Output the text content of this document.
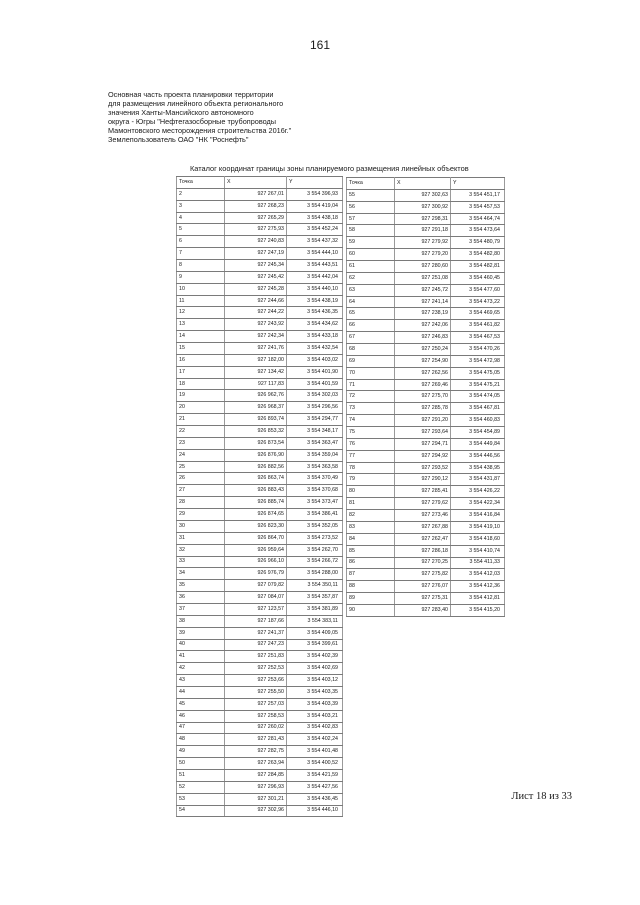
161
Основная часть проекта планировки территории
для размещения линейного объекта регионального
значения Ханты-Мансийского автономного
округа - Югры "Нефтегазосборные трубопроводы
Мамонтовского месторождения строительства 2016г."
Землепользователь ОАО "НК "Роснефть"
Каталог координат границы зоны планируемого размещения линейных объектов
Точка	X	Y
2	927 267,01	3 554 396,93
3	927 268,23	3 554 419,04
4	927 265,29	3 554 438,18
5	927 275,93	3 554 452,24
6	927 240,83	3 554 437,32
7	927 247,19	3 554 444,10
8	927 245,34	3 554 443,51
9	927 245,42	3 554 442,04
10	927 245,28	3 554 440,10
11	927 244,66	3 554 438,19
12	927 244,22	3 554 436,35
13	927 243,92	3 554 434,62
14	927 242,34	3 554 433,18
15	927 241,76	3 554 432,54
16	927 182,00	3 554 403,02
17	927 134,42	3 554 401,90
18	927 117,83	3 554 401,59
19	926 962,76	3 554 302,03
20	926 968,37	3 554 296,56
21	926 893,74	3 554 294,77
22	926 853,32	3 554 348,17
23	926 873,54	3 554 363,47
24	926 876,90	3 554 359,04
25	926 882,56	3 554 363,58
26	926 863,74	3 554 370,49
27	926 883,43	3 554 370,68
28	926 885,74	3 554 373,47
29	926 874,65	3 554 386,41
30	926 823,30	3 554 352,05
31	926 864,70	3 554 273,52
32	926 959,64	3 554 262,70
33	926 966,10	3 554 266,72
34	926 976,79	3 554 288,00
35	927 079,82	3 554 350,11
36	927 084,07	3 554 357,87
37	927 123,57	3 554 381,89
38	927 187,66	3 554 383,11
39	927 241,37	3 554 409,05
40	927 247,23	3 554 399,61
41	927 251,83	3 554 402,39
42	927 252,53	3 554 402,69
43	927 253,66	3 554 403,12
44	927 255,50	3 554 403,35
45	927 257,03	3 554 403,39
46	927 258,53	3 554 403,21
47	927 260,02	3 554 402,83
48	927 281,43	3 554 402,24
49	927 282,75	3 554 401,48
50	927 263,94	3 554 400,52
51	927 284,85	3 554 421,59
52	927 296,93	3 554 427,56
53	927 301,21	3 554 436,45
54	927 302,96	3 554 446,10
Точка	X	Y
55	927 302,63	3 554 451,17
56	927 300,92	3 554 457,53
57	927 298,31	3 554 464,74
58	927 291,18	3 554 473,64
59	927 279,92	3 554 480,79
60	927 279,20	3 554 482,80
61	927 280,60	3 554 482,81
62	927 251,08	3 554 460,45
63	927 245,72	3 554 477,60
64	927 241,14	3 554 473,22
65	927 238,19	3 554 469,65
66	927 242,06	3 554 461,82
67	927 246,83	3 554 467,53
68	927 250,24	3 554 470,26
69	927 254,90	3 554 472,98
70	927 262,56	3 554 475,05
71	927 269,46	3 554 475,21
72	927 275,70	3 554 474,05
73	927 285,78	3 554 467,81
74	927 291,20	3 554 460,83
75	927 293,64	3 554 454,89
76	927 294,71	3 554 449,84
77	927 294,92	3 554 446,56
78	927 293,52	3 554 438,95
79	927 290,12	3 554 431,87
80	927 285,41	3 554 426,22
81	927 279,62	3 554 422,34
82	927 273,46	3 554 416,84
83	927 267,88	3 554 419,10
84	927 262,47	3 554 418,60
85	927 286,18	3 554 410,74
86	927 270,25	3 554 411,33
87	927 275,82	3 554 412,03
88	927 276,07	3 554 412,36
89	927 275,31	3 554 412,81
90	927 283,40	3 554 415,20
Лист 18 из 33
